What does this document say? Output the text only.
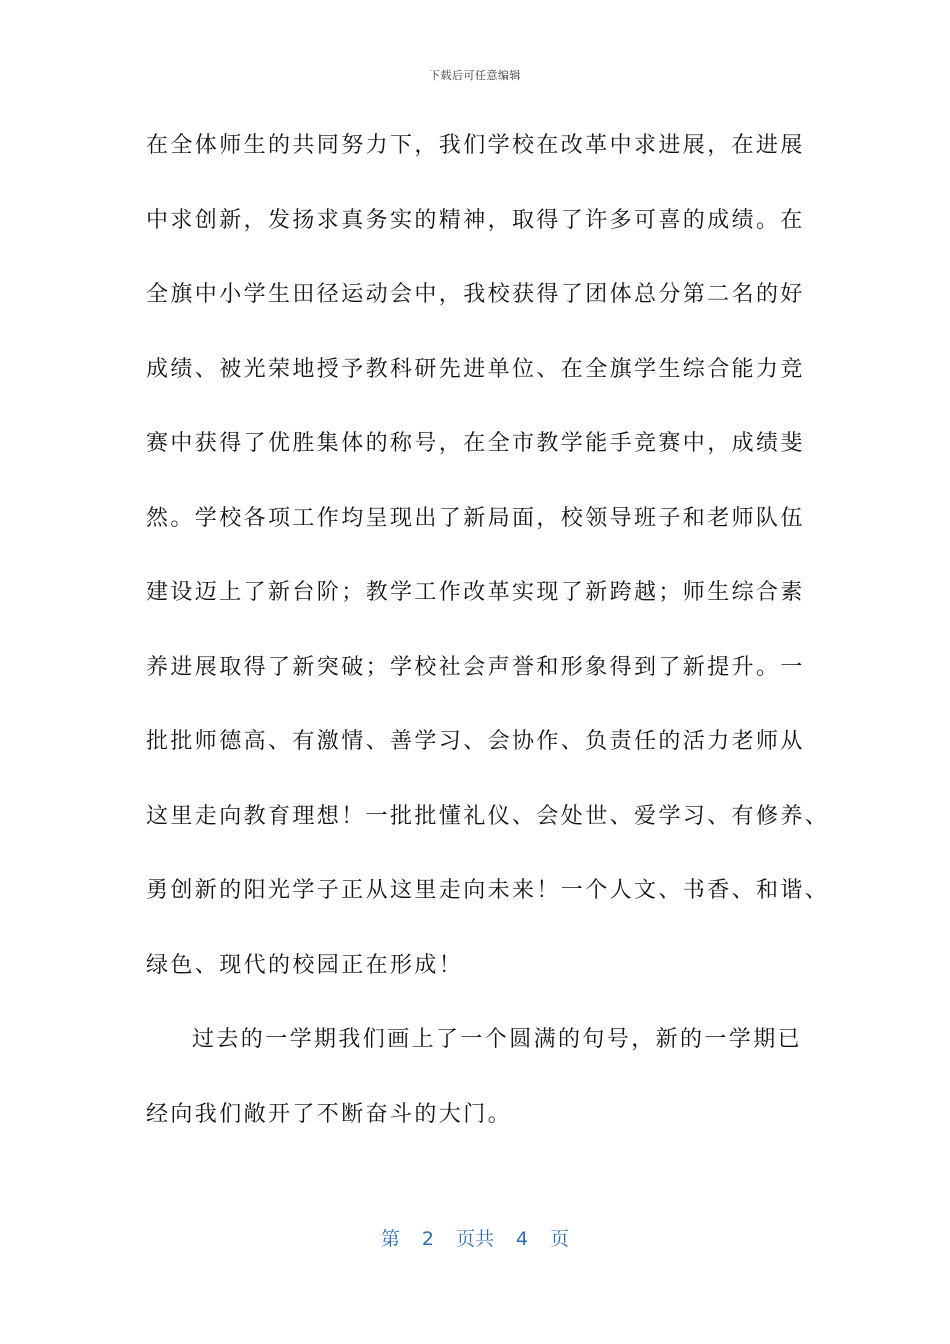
下载后可任意编辑
在全体师生的共同努力下，我们学校在改革中求进展，在进展
中求创新，发扬求真务实的精神，取得了许多可喜的成绩。在
全旗中小学生田径运动会中，我校获得了团体总分第二名的好
成绩、被光荣地授予教科研先进单位、在全旗学生综合能力竞
赛中获得了优胜集体的称号，在全市教学能手竞赛中，成绩斐
然。学校各项工作均呈现出了新局面，校领导班子和老师队伍
建设迈上了新台阶；教学工作改革实现了新跨越；师生综合素
养进展取得了新突破；学校社会声誉和形象得到了新提升。一
批批师德高、有激情、善学习、会协作、负责任的活力老师从
这里走向教育理想！一批批懂礼仪、会处世、爱学习、有修养、
勇创新的阳光学子正从这里走向未来！一个人文、书香、和谐、
绿色、现代的校园正在形成！
过去的一学期我们画上了一个圆满的句号，新的一学期已
经向我们敞开了不断奋斗的大门。
第 2 页共 4 页
